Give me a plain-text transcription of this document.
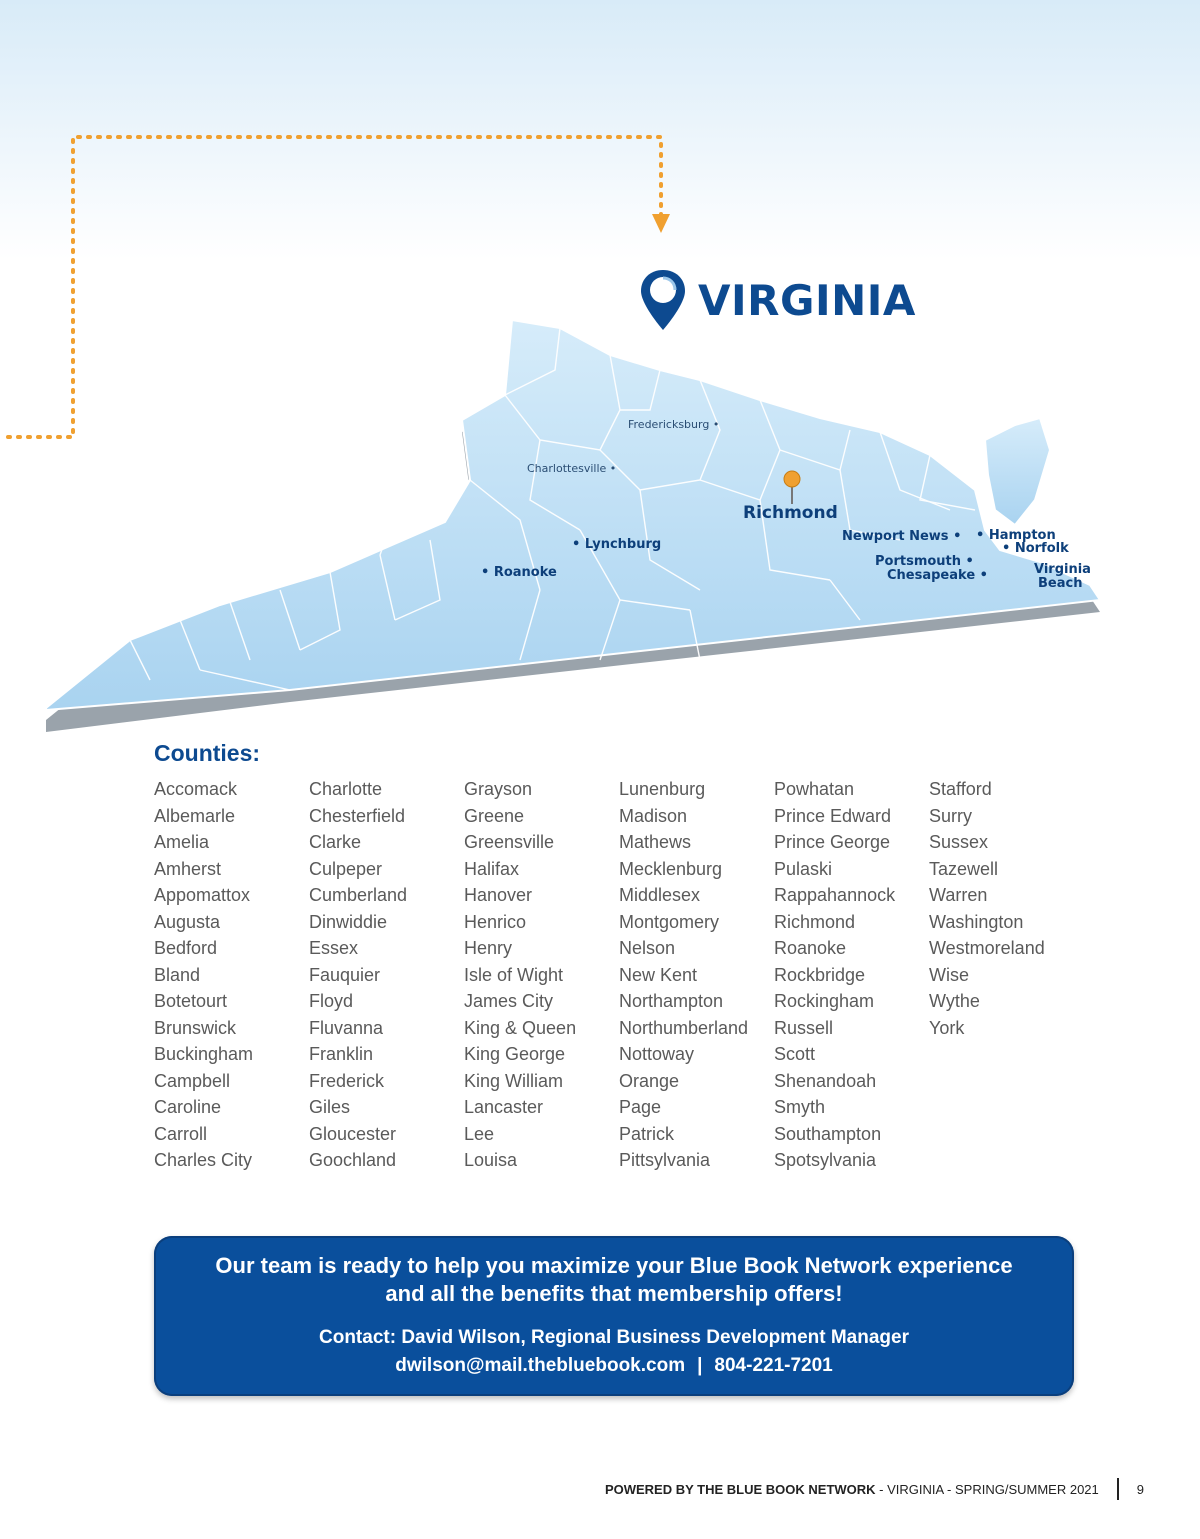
VIRGINIA
Fredericksburg •
Charlottesville •
Richmond
• Lynchburg
• Roanoke
Newport News • • Hampton
• Norfolk
Portsmouth •
Chesapeake •	Virginia
Beach
Counties:
Accomack
Albemarle
Amelia
Amherst
Appomattox
Augusta
Bedford
Bland
Botetourt
Brunswick
Buckingham
Campbell
Caroline
Carroll
Charles City
Charlotte
Chesterfield
Clarke
Culpeper
Cumberland
Dinwiddie
Essex
Fauquier
Floyd
Fluvanna
Franklin
Frederick
Giles
Gloucester
Goochland
Grayson
Greene
Greensville
Halifax
Hanover
Henrico
Henry
Isle of Wight
James City
King & Queen
King George
King William
Lancaster
Lee
Louisa
Lunenburg
Madison
Mathews
Mecklenburg
Middlesex
Montgomery
Nelson
New Kent
Northampton
Northumberland
Nottoway
Orange
Page
Patrick
Pittsylvania
Powhatan
Prince Edward
Prince George
Pulaski
Rappahannock
Richmond
Roanoke
Rockbridge
Rockingham
Russell
Scott
Shenandoah
Smyth
Southampton
Spotsylvania
Stafford
Surry
Sussex
Tazewell
Warren
Washington
Westmoreland
Wise
Wythe
York
Our team is ready to help you maximize your Blue Book Network experience
and all the benefits that membership offers!
Contact: David Wilson, Regional Business Development Manager
dwilson@mail.thebluebook.com | 804-221-7201
POWERED BY THE BLUE BOOK NETWORK - VIRGINIA - SPRING/SUMMER 2021	9
